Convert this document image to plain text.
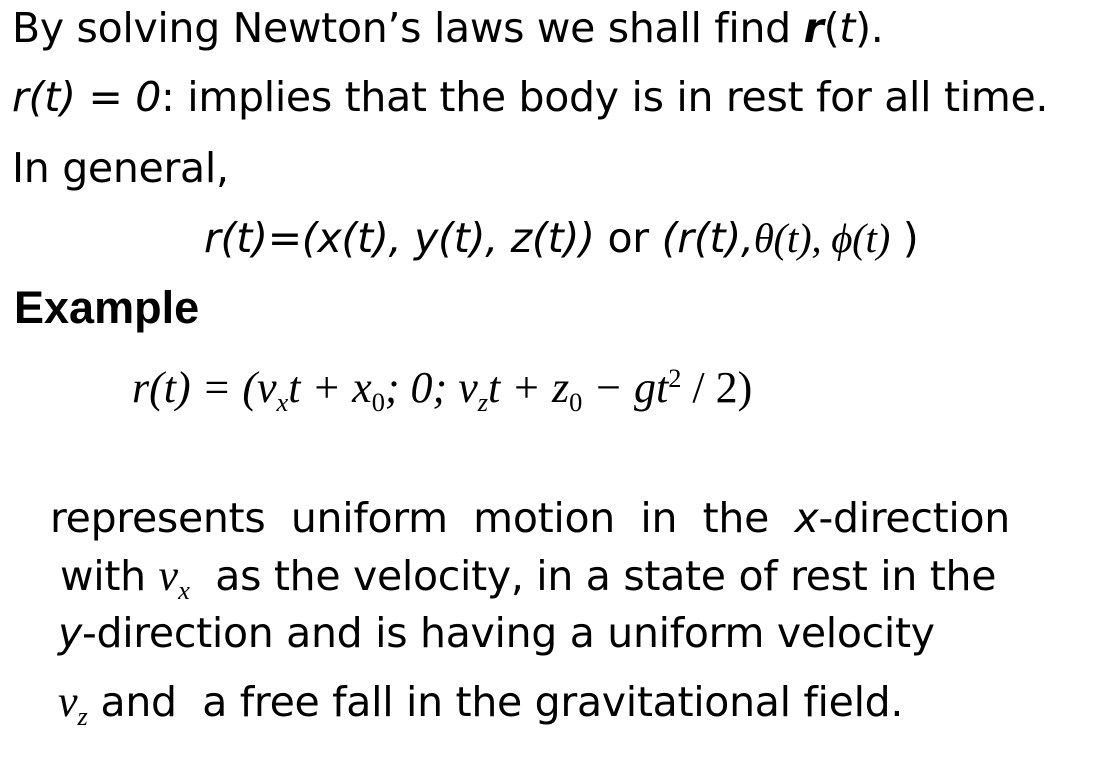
By solving Newton’s laws we shall find r(t).
r(t) = 0: implies that the body is in rest for all time.
In general,
r(t)=(x(t), y(t), z(t)) or (r(t),θ(t), ϕ(t) )
Example
$r(t) = (v_xt + x_0$; 0; $v_zt + z_0 - gt^2 / 2$)
represents  uniform  motion  in  the  x-direction
with $v_x$  as the velocity, in a state of rest in the
y-direction and is having a uniform velocity
$v_z$ and  a free fall in the gravitational field.
